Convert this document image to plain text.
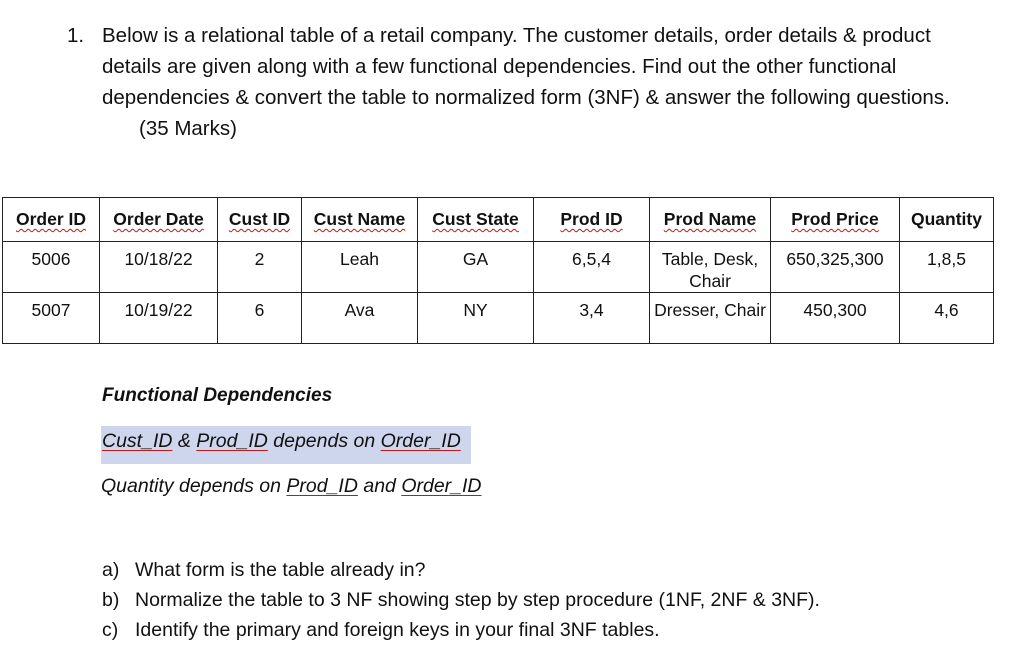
1. Below is a relational table of a retail company. The customer details, order details & product details are given along with a few functional dependencies. Find out the other functional dependencies & convert the table to normalized form (3NF) & answer the following questions.
(35 Marks)
Order ID	Order Date	Cust ID	Cust Name	Cust State	Prod ID	Prod Name	Prod Price	Quantity
5006	10/18/22	2	Leah	GA	6,5,4	Table, Desk, Chair	650,325,300	1,8,5
5007	10/19/22	6	Ava	NY	3,4	Dresser, Chair	450,300	4,6
Functional Dependencies
Cust_ID & Prod_ID depends on Order_ID
Quantity depends on Prod_ID and Order_ID
a) What form is the table already in?
b) Normalize the table to 3 NF showing step by step procedure (1NF, 2NF & 3NF).
c) Identify the primary and foreign keys in your final 3NF tables.
